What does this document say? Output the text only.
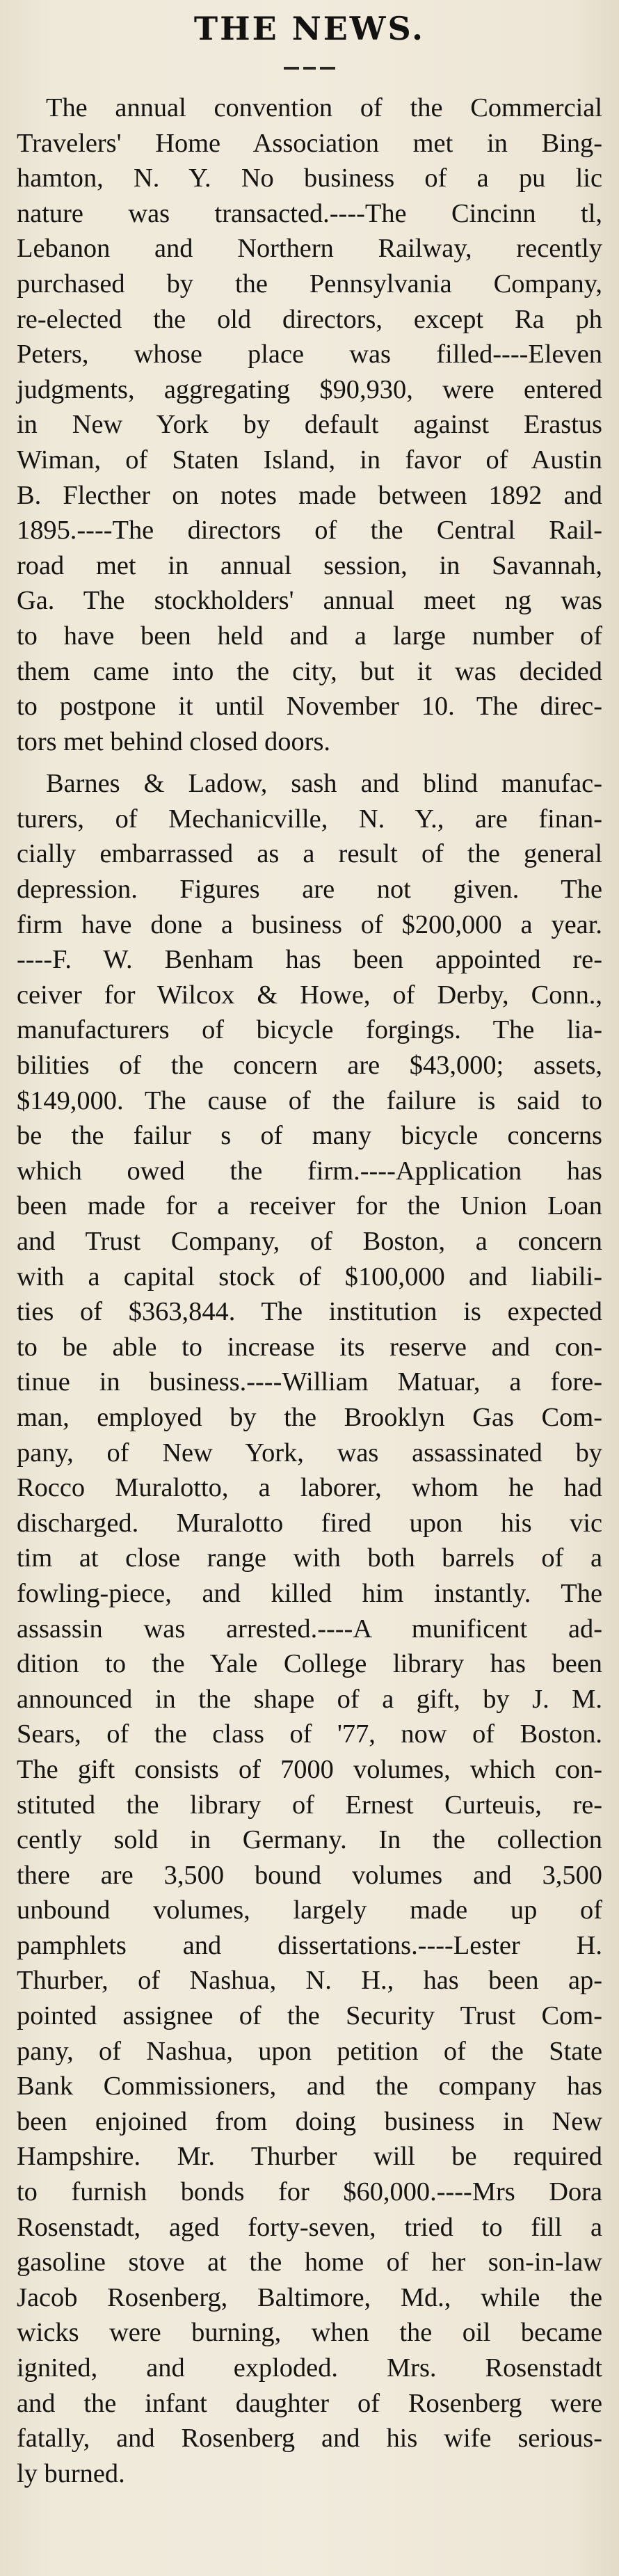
THE NEWS.
The annual convention of the Commercial
Travelers' Home Association met in Bing-
hamton, N. Y. No business of a pu lic
nature was transacted.----The Cincinn tl,
Lebanon and Northern Railway, recently
purchased by the Pennsylvania Company,
re-elected the old directors, except Ra ph
Peters, whose place was filled----Eleven
judgments, aggregating $90,930, were entered
in New York by default against Erastus
Wiman, of Staten Island, in favor of Austin
B. Flecther on notes made between 1892 and
1895.----The directors of the Central Rail-
road met in annual session, in Savannah,
Ga. The stockholders' annual meet ng was
to have been held and a large number of
them came into the city, but it was decided
to postpone it until November 10. The direc-
tors met behind closed doors.
Barnes & Ladow, sash and blind manufac-
turers, of Mechanicville, N. Y., are finan-
cially embarrassed as a result of the general
depression. Figures are not given. The
firm have done a business of $200,000 a year.
----F. W. Benham has been appointed re-
ceiver for Wilcox & Howe, of Derby, Conn.,
manufacturers of bicycle forgings. The lia-
bilities of the concern are $43,000; assets,
$149,000. The cause of the failure is said to
be the failur s of many bicycle concerns
which owed the firm.----Application has
been made for a receiver for the Union Loan
and Trust Company, of Boston, a concern
with a capital stock of $100,000 and liabili-
ties of $363,844. The institution is expected
to be able to increase its reserve and con-
tinue in business.----William Matuar, a fore-
man, employed by the Brooklyn Gas Com-
pany, of New York, was assassinated by
Rocco Muralotto, a laborer, whom he had
discharged. Muralotto fired upon his vic
tim at close range with both barrels of a
fowling-piece, and killed him instantly. The
assassin was arrested.----A munificent ad-
dition to the Yale College library has been
announced in the shape of a gift, by J. M.
Sears, of the class of '77, now of Boston.
The gift consists of 7000 volumes, which con-
stituted the library of Ernest Curteuis, re-
cently sold in Germany. In the collection
there are 3,500 bound volumes and 3,500
unbound volumes, largely made up of
pamphlets and dissertations.----Lester H.
Thurber, of Nashua, N. H., has been ap-
pointed assignee of the Security Trust Com-
pany, of Nashua, upon petition of the State
Bank Commissioners, and the company has
been enjoined from doing business in New
Hampshire. Mr. Thurber will be required
to furnish bonds for $60,000.----Mrs Dora
Rosenstadt, aged forty-seven, tried to fill a
gasoline stove at the home of her son-in-law
Jacob Rosenberg, Baltimore, Md., while the
wicks were burning, when the oil became
ignited, and exploded. Mrs. Rosenstadt
and the infant daughter of Rosenberg were
fatally, and Rosenberg and his wife serious-
ly burned.
